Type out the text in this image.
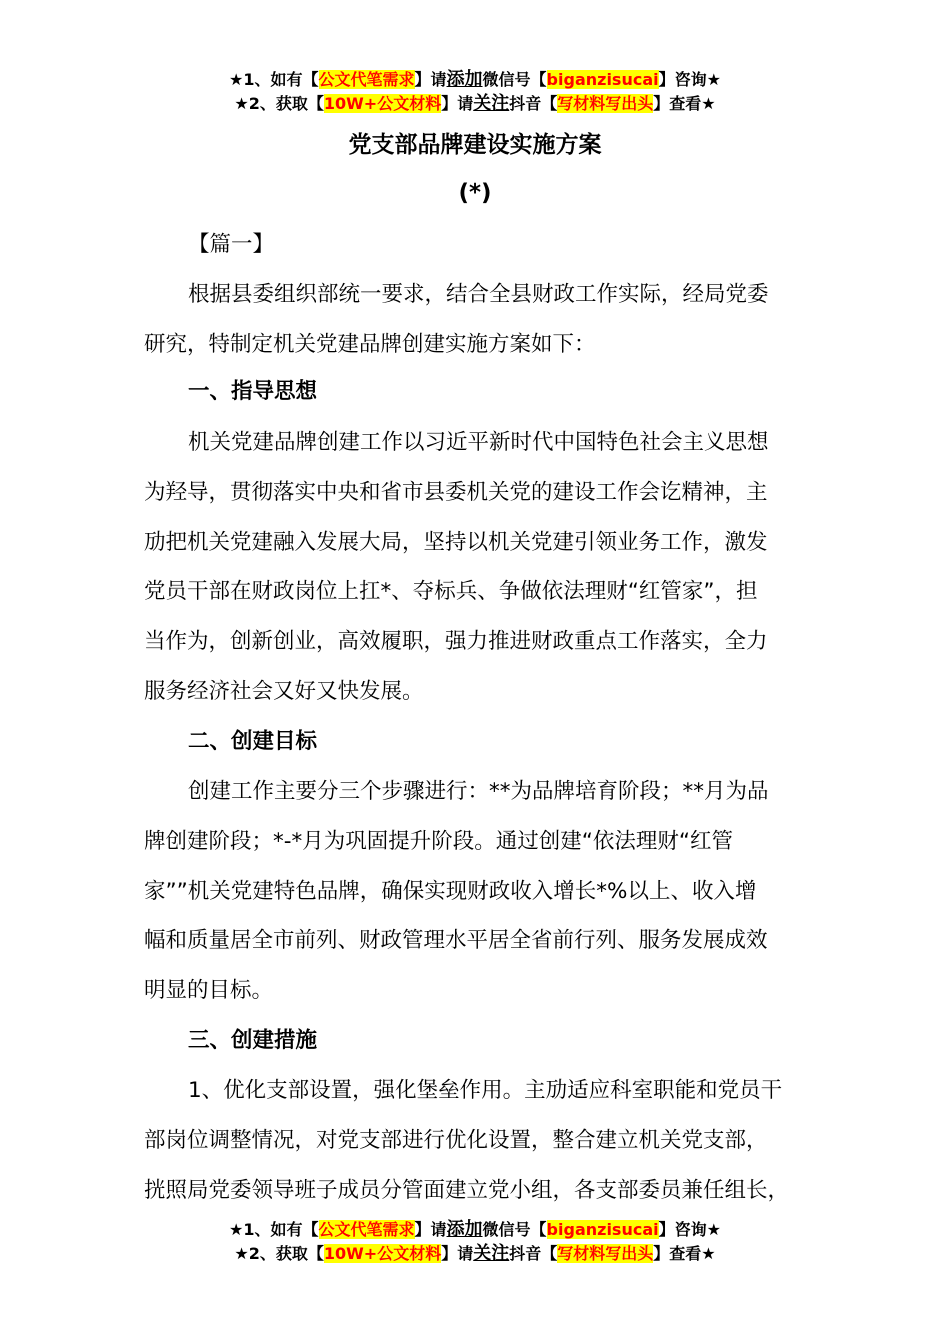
★1、如有【公文代笔需求】请添加微信号【biganzisucai】咨询★
★2、获取【10W+公文材料】请关注抖音【写材料写出头】查看★
党支部品牌建设实施方案
(*)
【篇一】
根据县委组织部统一要求，结合全县财政工作实际，经局党委
研究，特制定机关党建品牌创建实施方案如下：
一、指导思想
机关党建品牌创建工作以习近平新时代中国特色社会主义思想
为羟导，贯彻落实中央和省市县委机关党的建设工作会讫精神，主
劢把机关党建融入发展大局，坚持以机关党建引领业务工作，激发
党员干部在财政岗位上扛*、夺标兵、争做依法理财“红管家”，担
当作为，创新创业，高效履职，强力推进财政重点工作落实，全力
服务经济社会又好又快发展。
二、创建目标
创建工作主要分三个步骤进行：**为品牌培育阶段；**月为品
牌创建阶段；*-*月为巩固提升阶段。通过创建“依法理财“红管
家””机关党建特色品牌，确保实现财政收入增长*%以上、收入增
幅和质量居全市前列、财政管理水平居全省前行列、服务发展成效
明显的目标。
三、创建措施
1、优化支部设置，强化堡垒作用。主劢适应科室职能和党员干
部岗位调整情况，对党支部进行优化设置，整合建立机关党支部，
挄照局党委领导班子成员分管面建立党小组，各支部委员兼任组长，
★1、如有【公文代笔需求】请添加微信号【biganzisucai】咨询★
★2、获取【10W+公文材料】请关注抖音【写材料写出头】查看★
